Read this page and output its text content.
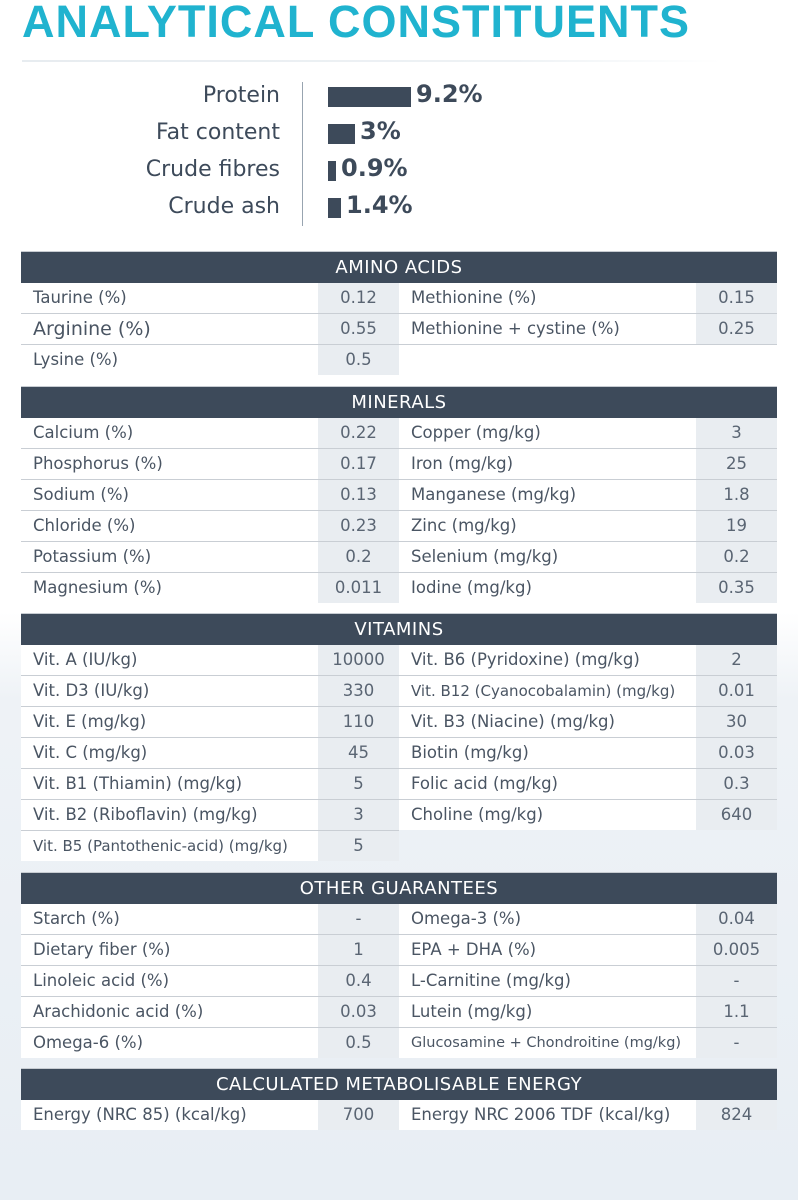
ANALYTICAL CONSTITUENTS
Protein	9.2%
Fat content	3%
Crude fibres	0.9%
Crude ash	1.4%
AMINO ACIDS
Taurine (%)	0.12	Methionine (%)	0.15
Arginine (%)	0.55	Methionine + cystine (%)	0.25
Lysine (%)	0.5
MINERALS
Calcium (%)	0.22	Copper (mg/kg)	3
Phosphorus (%)	0.17	Iron (mg/kg)	25
Sodium (%)	0.13	Manganese (mg/kg)	1.8
Chloride (%)	0.23	Zinc (mg/kg)	19
Potassium (%)	0.2	Selenium (mg/kg)	0.2
Magnesium (%)	0.011	Iodine (mg/kg)	0.35
VITAMINS
Vit. A (IU/kg)	10000	Vit. B6 (Pyridoxine) (mg/kg)	2
Vit. D3 (IU/kg)	330	Vit. B12 (Cyanocobalamin) (mg/kg)	0.01
Vit. E (mg/kg)	110	Vit. B3 (Niacine) (mg/kg)	30
Vit. C (mg/kg)	45	Biotin (mg/kg)	0.03
Vit. B1 (Thiamin) (mg/kg)	5	Folic acid (mg/kg)	0.3
Vit. B2 (Riboflavin) (mg/kg)	3	Choline (mg/kg)	640
Vit. B5 (Pantothenic-acid) (mg/kg)	5
OTHER GUARANTEES
Starch (%)	-	Omega-3 (%)	0.04
Dietary fiber (%)	1	EPA + DHA (%)	0.005
Linoleic acid (%)	0.4	L-Carnitine (mg/kg)	-
Arachidonic acid (%)	0.03	Lutein (mg/kg)	1.1
Omega-6 (%)	0.5	Glucosamine + Chondroitine (mg/kg)	-
CALCULATED METABOLISABLE ENERGY
Energy (NRC 85) (kcal/kg)	700	Energy NRC 2006 TDF (kcal/kg)	824
